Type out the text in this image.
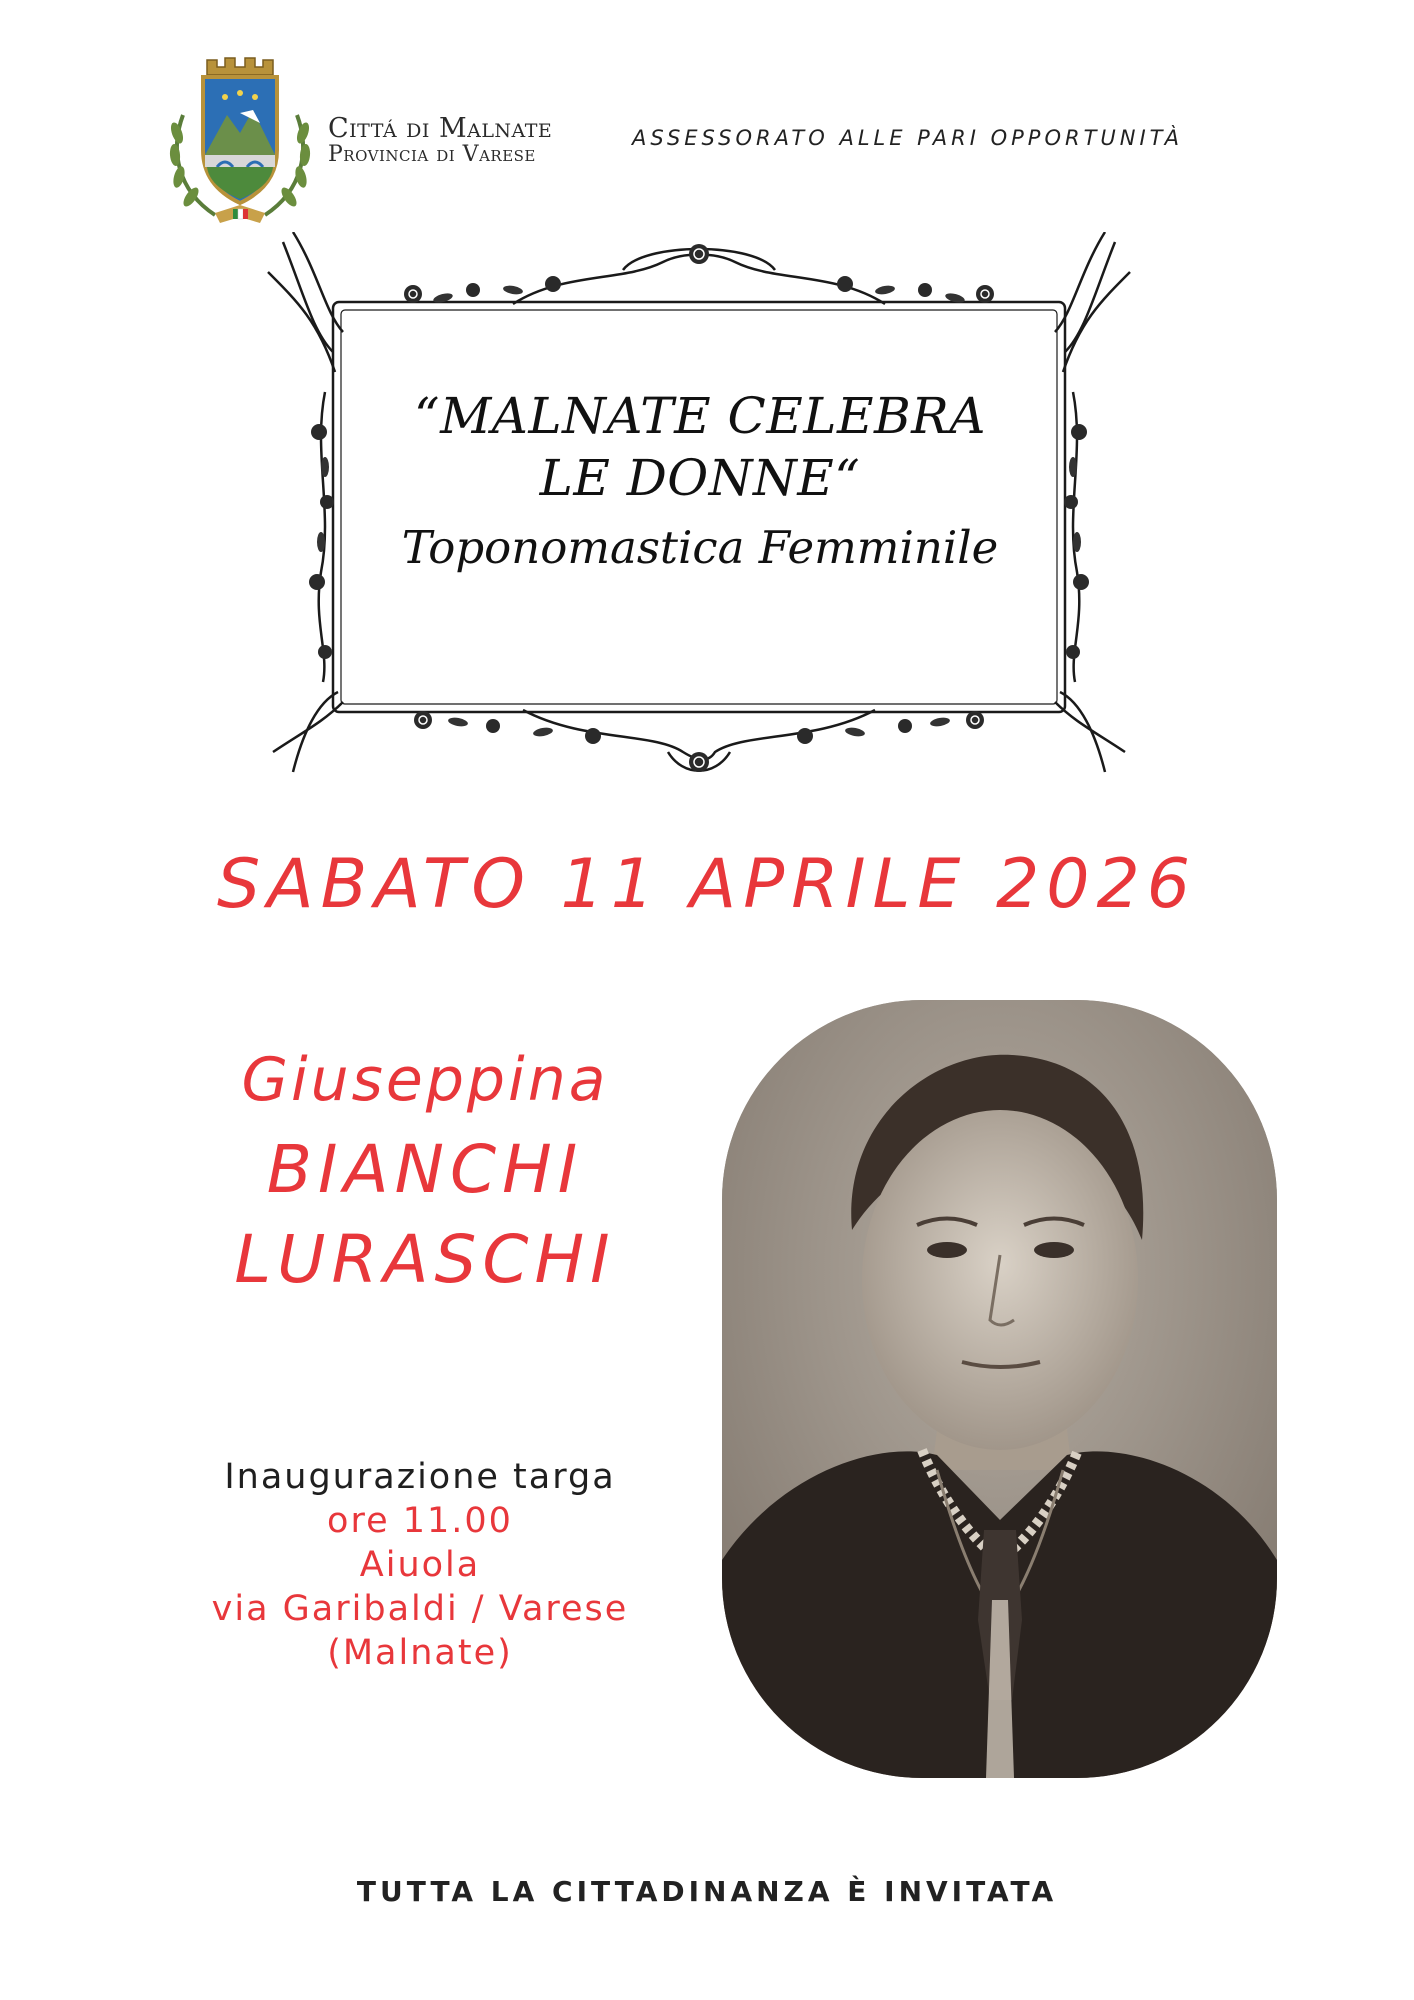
Cittá di Malnate
Provincia di Varese
ASSESSORATO ALLE PARI OPPORTUNITÀ
“MALNATE CELEBRA
LE DONNE“
Toponomastica Femminile
SABATO 11 APRILE 2026
Giuseppina
BIANCHI
LURASCHI
Inaugurazione targa
ore 11.00
Aiuola
via Garibaldi / Varese
(Malnate)
TUTTA LA CITTADINANZA È INVITATA
